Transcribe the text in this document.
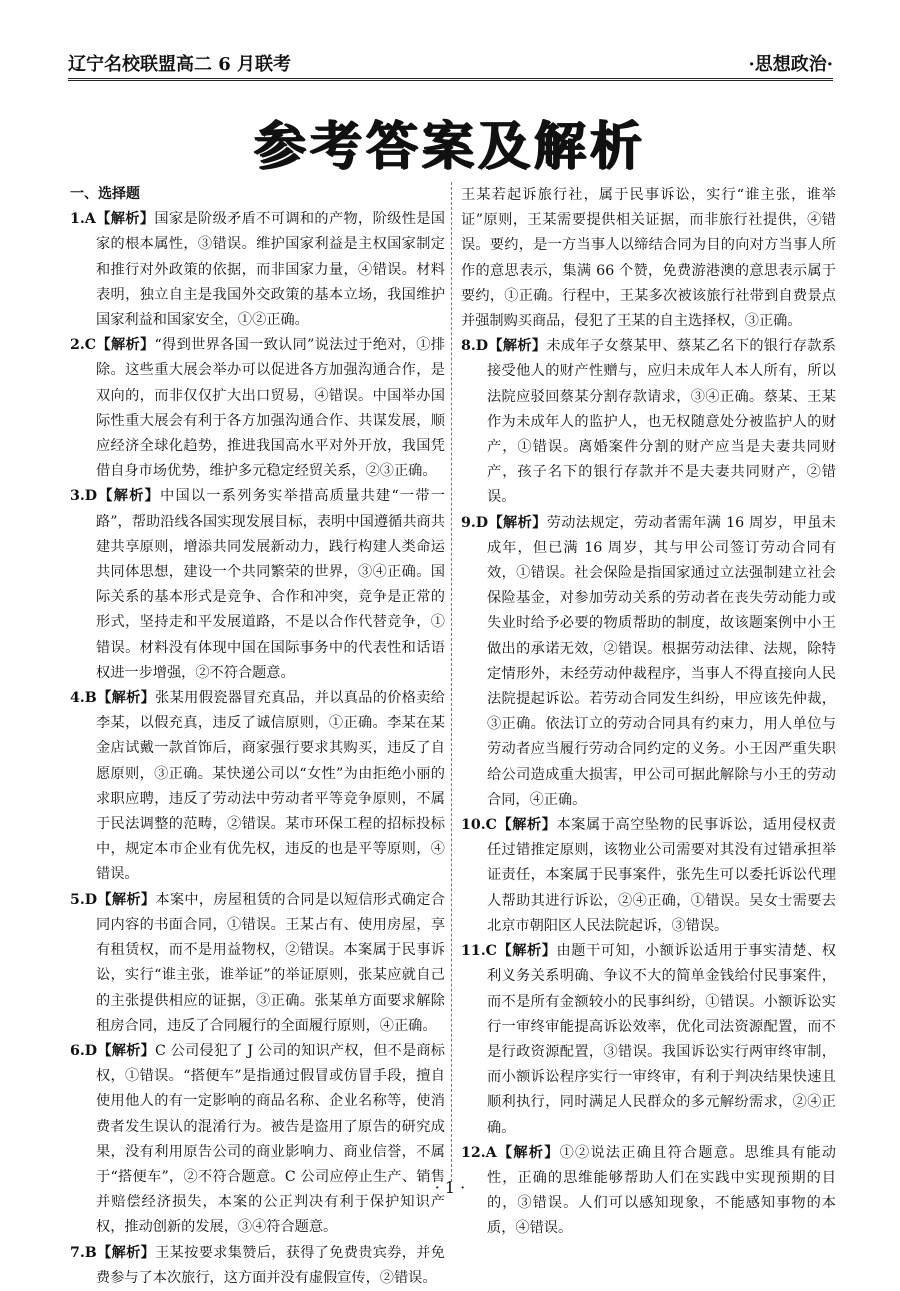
辽宁名校联盟高二 6 月联考	·思想政治·
参考答案及解析
一、选择题

1.A【解析】国家是阶级矛盾不可调和的产物，阶级性是国家的根本属性，③错误。维护国家利益是主权国家制定和推行对外政策的依据，而非国家力量，④错误。材料表明，独立自主是我国外交政策的基本立场，我国维护国家利益和国家安全，①②正确。

2.C【解析】“得到世界各国一致认同”说法过于绝对，①排除。这些重大展会举办可以促进各方加强沟通合作，是双向的，而非仅仅扩大出口贸易，④错误。中国举办国际性重大展会有利于各方加强沟通合作、共谋发展，顺应经济全球化趋势，推进我国高水平对外开放，我国凭借自身市场优势，维护多元稳定经贸关系，②③正确。

3.D【解析】中国以一系列务实举措高质量共建“一带一路”，帮助沿线各国实现发展目标，表明中国遵循共商共建共享原则，增添共同发展新动力，践行构建人类命运共同体思想，建设一个共同繁荣的世界，③④正确。国际关系的基本形式是竞争、合作和冲突，竞争是正常的形式，坚持走和平发展道路，不是以合作代替竞争，①错误。材料没有体现中国在国际事务中的代表性和话语权进一步增强，②不符合题意。

4.B【解析】张某用假瓷器冒充真品，并以真品的价格卖给李某，以假充真，违反了诚信原则，①正确。李某在某金店试戴一款首饰后，商家强行要求其购买，违反了自愿原则，③正确。某快递公司以“女性”为由拒绝小丽的求职应聘，违反了劳动法中劳动者平等竞争原则，不属于民法调整的范畴，②错误。某市环保工程的招标投标中，规定本市企业有优先权，违反的也是平等原则，④错误。

5.D【解析】本案中，房屋租赁的合同是以短信形式确定合同内容的书面合同，①错误。王某占有、使用房屋，享有租赁权，而不是用益物权，②错误。本案属于民事诉讼，实行“谁主张，谁举证”的举证原则，张某应就自己的主张提供相应的证据，③正确。张某单方面要求解除租房合同，违反了合同履行的全面履行原则，④正确。

6.D【解析】C 公司侵犯了 J 公司的知识产权，但不是商标权，①错误。“搭便车”是指通过假冒或仿冒手段，擅自使用他人的有一定影响的商品名称、企业名称等，使消费者发生误认的混淆行为。被告是盗用了原告的研究成果，没有利用原告公司的商业影响力、商业信誉，不属于“搭便车”，②不符合题意。C 公司应停止生产、销售并赔偿经济损失，本案的公正判决有利于保护知识产权，推动创新的发展，③④符合题意。

7.B【解析】王某按要求集赞后，获得了免费贵宾券，并免费参与了本次旅行，这方面并没有虚假宣传，②错误。

王某若起诉旅行社，属于民事诉讼，实行“谁主张，谁举证”原则，王某需要提供相关证据，而非旅行社提供，④错误。要约，是一方当事人以缔结合同为目的向对方当事人所作的意思表示，集满 66 个赞，免费游港澳的意思表示属于要约，①正确。行程中，王某多次被该旅行社带到自费景点并强制购买商品，侵犯了王某的自主选择权，③正确。

8.D【解析】未成年子女蔡某甲、蔡某乙名下的银行存款系接受他人的财产性赠与，应归未成年人本人所有，所以法院应驳回蔡某分割存款请求，③④正确。蔡某、王某作为未成年人的监护人，也无权随意处分被监护人的财产，①错误。离婚案件分割的财产应当是夫妻共同财产，孩子名下的银行存款并不是夫妻共同财产，②错误。

9.D【解析】劳动法规定，劳动者需年满 16 周岁，甲虽未成年，但已满 16 周岁，其与甲公司签订劳动合同有效，①错误。社会保险是指国家通过立法强制建立社会保险基金，对参加劳动关系的劳动者在丧失劳动能力或失业时给予必要的物质帮助的制度，故该题案例中小王做出的承诺无效，②错误。根据劳动法律、法规，除特定情形外，未经劳动仲裁程序，当事人不得直接向人民法院提起诉讼。若劳动合同发生纠纷，甲应该先仲裁，③正确。依法订立的劳动合同具有约束力，用人单位与劳动者应当履行劳动合同约定的义务。小王因严重失职给公司造成重大损害，甲公司可据此解除与小王的劳动合同，④正确。

10.C【解析】本案属于高空坠物的民事诉讼，适用侵权责任过错推定原则，该物业公司需要对其没有过错承担举证责任，本案属于民事案件，张先生可以委托诉讼代理人帮助其进行诉讼，②④正确，①错误。吴女士需要去北京市朝阳区人民法院起诉，③错误。

11.C【解析】由题干可知，小额诉讼适用于事实清楚、权利义务关系明确、争议不大的简单金钱给付民事案件，而不是所有金额较小的民事纠纷，①错误。小额诉讼实行一审终审能提高诉讼效率，优化司法资源配置，而不是行政资源配置，③错误。我国诉讼实行两审终审制，而小额诉讼程序实行一审终审，有利于判决结果快速且顺利执行，同时满足人民群众的多元解纷需求，②④正确。

12.A【解析】①②说法正确且符合题意。思维具有能动性，正确的思维能够帮助人们在实践中实现预期的目的，③错误。人们可以感知现象，不能感知事物的本质，④错误。

· 1 ·
